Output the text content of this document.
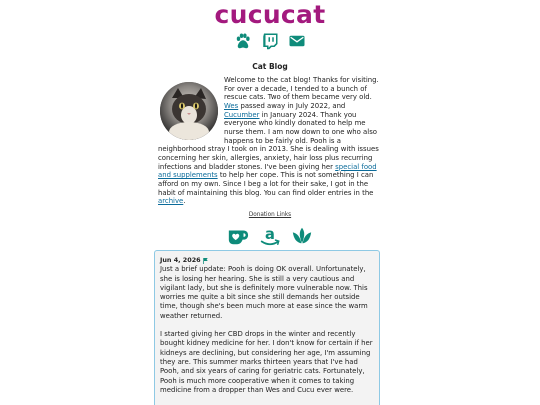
cucucat
Cat Blog
Welcome to the cat blog! Thanks for visiting. For over a decade, I tended to a bunch of rescue cats. Two of them became very old. Wes passed away in July 2022, and Cucumber in January 2024. Thank you everyone who kindly donated to help me nurse them. I am now down to one who also happens to be fairly old. Pooh is a neighborhood stray I took on in 2013. She is dealing with issues concerning her skin, allergies, anxiety, hair loss plus recurring infections and bladder stones. I've been giving her special food and supplements to help her cope. This is not something I can afford on my own. Since I beg a lot for their sake, I got in the habit of maintaining this blog. You can find older entries in the archive.
Donation Links
a
Jun 4, 2026

Just a brief update: Pooh is doing OK overall. Unfortunately, she is losing her hearing. She is still a very cautious and vigilant lady, but she is definitely more vulnerable now. This worries me quite a bit since she still demands her outside time, though she's been much more at ease since the warm weather returned.

I started giving her CBD drops in the winter and recently bought kidney medicine for her. I don't know for certain if her kidneys are declining, but considering her age, I'm assuming they are. This summer marks thirteen years that I've had Pooh, and six years of caring for geriatric cats. Fortunately, Pooh is much more cooperative when it comes to taking medicine from a dropper than Wes and Cucu ever were.
